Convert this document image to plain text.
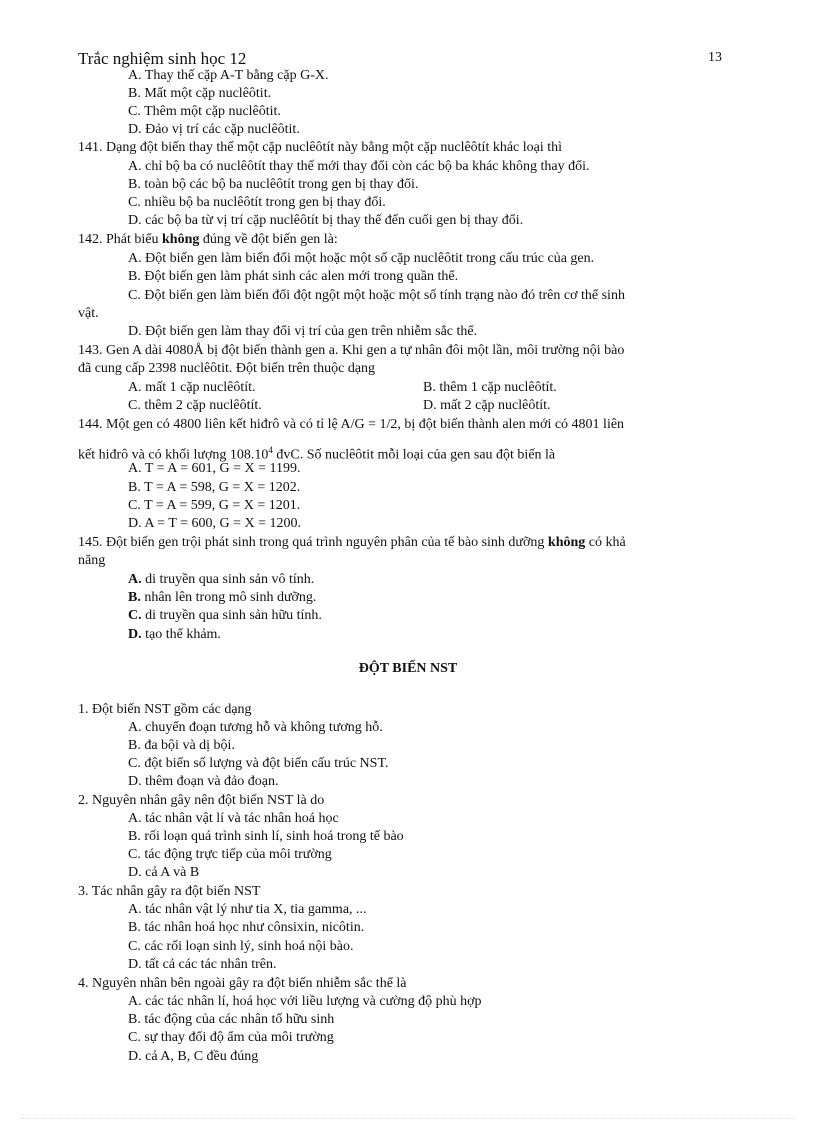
Trắc nghiệm sinh học 12	13
A. Thay thế cặp A-T bằng cặp G-X.
B. Mất một cặp nuclêôtit.
C. Thêm một cặp nuclêôtit.
D. Đảo vị trí các cặp nuclêôtit.
141. Dạng đột biến thay thế một cặp nuclêôtít này bằng một cặp nuclêôtít khác loại thì
A. chỉ bộ ba có nuclêôtít thay thế mới thay đổi còn các bộ ba khác không thay đổi.
B. toàn bộ các bộ ba nuclêôtít trong gen bị thay đổi.
C. nhiều bộ ba nuclêôtít trong gen bị thay đổi.
D. các bộ ba từ vị trí cặp nuclêôtít bị thay thế đến cuối gen bị thay đổi.
142. Phát biểu không đúng về đột biến gen là:
A. Đột biến gen làm biến đổi một hoặc một số cặp nuclêôtit trong cấu trúc của gen.
B. Đột biến gen làm phát sinh các alen mới trong quần thể.
C. Đột biến gen làm biến đổi đột ngột một hoặc một số tính trạng nào đó trên cơ thể sinh
vật.
D. Đột biến gen làm thay đổi vị trí của gen trên nhiễm sắc thể.
143. Gen A dài 4080Å bị đột biến thành gen a. Khi gen a tự nhân đôi một lần, môi trường nội bào
đã cung cấp 2398 nuclêôtit. Đột biến trên thuộc dạng
A. mất 1 cặp nuclêôtít.	B. thêm 1 cặp nuclêôtít.
C. thêm 2 cặp nuclêôtít.	D. mất 2 cặp nuclêôtít.
144. Một gen có 4800 liên kết hiđrô và có tỉ lệ A/G = 1/2, bị đột biến thành alen mới có 4801 liên
kết hiđrô và có khối lượng 108.10$^4$ đvC. Số nuclêôtit mỗi loại của gen sau đột biến là
A. T = A = 601, G = X = 1199.
B. T = A = 598, G = X = 1202.
C. T = A = 599, G = X = 1201.
D. A = T = 600, G = X = 1200.
145. Đột biến gen trội phát sinh trong quá trình nguyên phân của tế bào sinh dưỡng không có khả
năng
A. di truyền qua sinh sản vô tính.
B. nhân lên trong mô sinh dưỡng.
C. di truyền qua sinh sản hữu tính.
D. tạo thể khảm.
ĐỘT BIẾN NST
1. Đột biến NST gồm các dạng
A. chuyển đoạn tương hỗ và không tương hỗ.
B. đa bội và dị bội.
C. đột biến số lượng và đột biến cấu trúc NST.
D. thêm đoạn và đảo đoạn.
2. Nguyên nhân gây nên đột biến NST là do
A. tác nhân vật lí và tác nhân hoá học
B. rối loạn quá trình sinh lí, sinh hoá trong tế bào
C. tác động trực tiếp của môi trường
D. cả A và B
3. Tác nhân gây ra đột biến NST
A. tác nhân vật lý như tia X, tia gamma, ...
B. tác nhân hoá học như cônsixin, nicôtin.
C. các rối loạn sinh lý, sinh hoá nội bào.
D. tất cả các tác nhân trên.
4. Nguyên nhân bên ngoài gây ra đột biến nhiễm sắc thể là
A. các tác nhân lí, hoá học với liều lượng và cường độ phù hợp
B. tác động của các nhân tố hữu sinh
C. sự thay đổi độ ẩm của môi trường
D. cả A, B, C đều đúng
